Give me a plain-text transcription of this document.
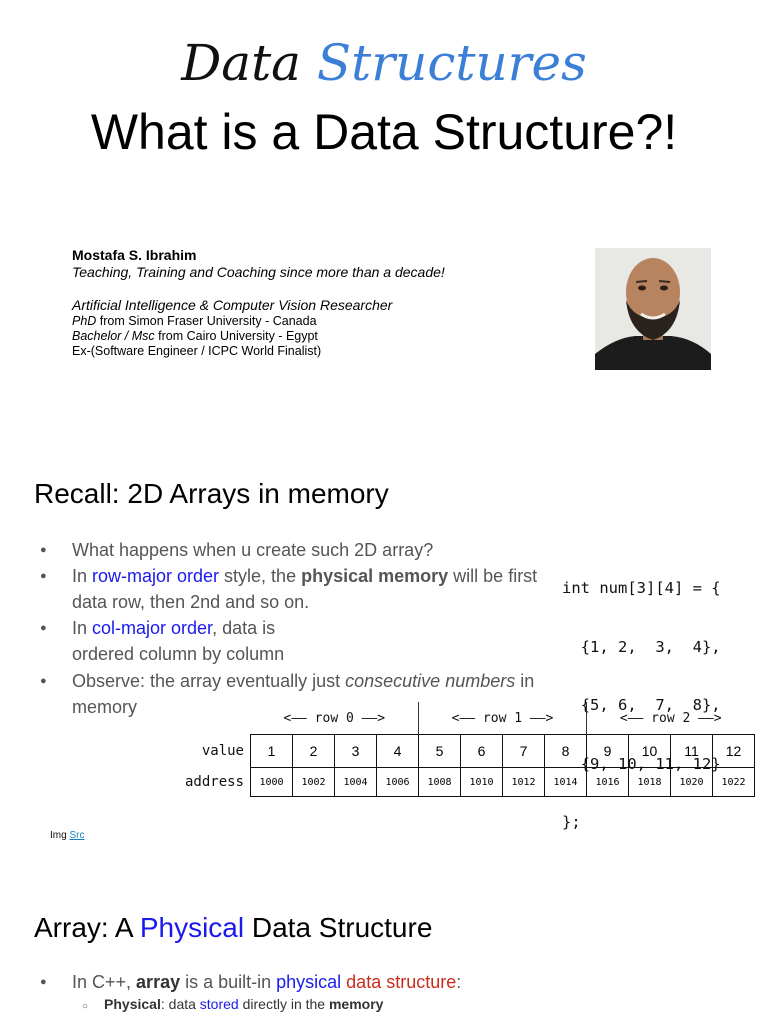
Data Structures
What is a Data Structure?!
Mostafa S. Ibrahim
Teaching, Training and Coaching since more than a decade!
Artificial Intelligence & Computer Vision Researcher
PhD from Simon Fraser University - Canada
Bachelor / Msc from Cairo University - Egypt
Ex-(Software Engineer / ICPC World Finalist)
Recall: 2D Arrays in memory
● What happens when u create such 2D array?
● In row-major order style, the physical memory will be first data row, then 2nd and so on.
● In col-major order, data is ordered column by column

int num[3][4] = {

{1, 2,  3,  4},

{5, 6,  7,  8},

{9, 10, 11, 12}

};

● Observe: the array eventually just consecutive numbers in memory
	<—— row 0 ——>				<—— row 1 ——>				<—— row 2 ——>			
value	1	2	3	4	5	6	7	8	9	10	11	12
address	1000	1002	1004	1006	1008	1010	1012	1014	1016	1018	1020	1022
Img Src
Array: A Physical Data Structure
● In C++, array is a built-in physical data structure:
○ Physical: data stored directly in the memory
